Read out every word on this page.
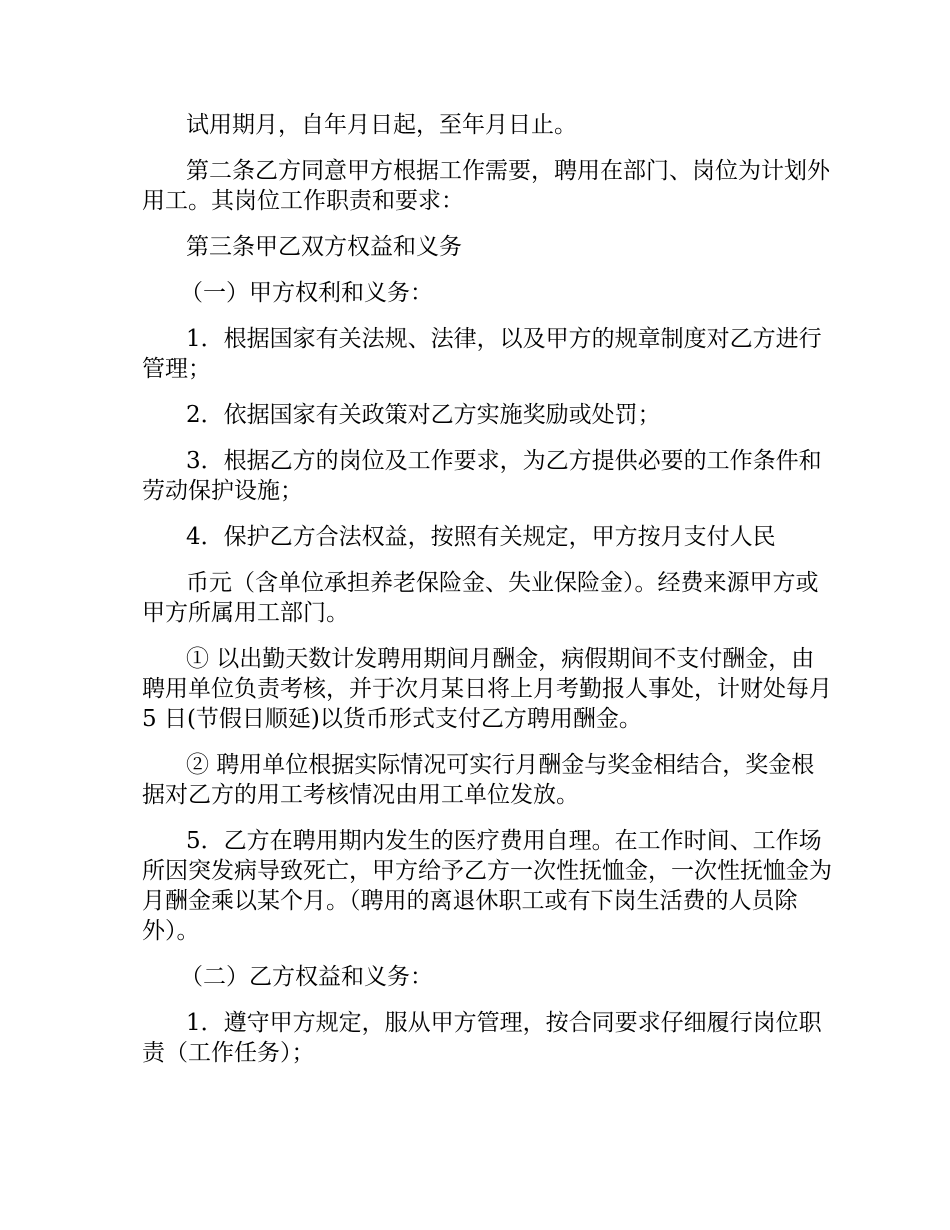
试用期月，自年月日起，至年月日止。

第二条乙方同意甲方根据工作需要，聘用在部门、岗位为计划外用工。其岗位工作职责和要求：

第三条甲乙双方权益和义务

（一）甲方权利和义务：

1．根据国家有关法规、法律，以及甲方的规章制度对乙方进行管理；

2．依据国家有关政策对乙方实施奖励或处罚；

3．根据乙方的岗位及工作要求，为乙方提供必要的工作条件和劳动保护设施；

4．保护乙方合法权益，按照有关规定，甲方按月支付人民

币元（含单位承担养老保险金、失业保险金）。经费来源甲方或甲方所属用工部门。

① 以出勤天数计发聘用期间月酬金，病假期间不支付酬金，由聘用单位负责考核，并于次月某日将上月考勤报人事处，计财处每月 5 日(节假日顺延)以货币形式支付乙方聘用酬金。

② 聘用单位根据实际情况可实行月酬金与奖金相结合，奖金根据对乙方的用工考核情况由用工单位发放。

5．乙方在聘用期内发生的医疗费用自理。在工作时间、工作场所因突发病导致死亡，甲方给予乙方一次性抚恤金，一次性抚恤金为月酬金乘以某个月。（聘用的离退休职工或有下岗生活费的人员除外）。

（二）乙方权益和义务：

1．遵守甲方规定，服从甲方管理，按合同要求仔细履行岗位职责（工作任务）；
